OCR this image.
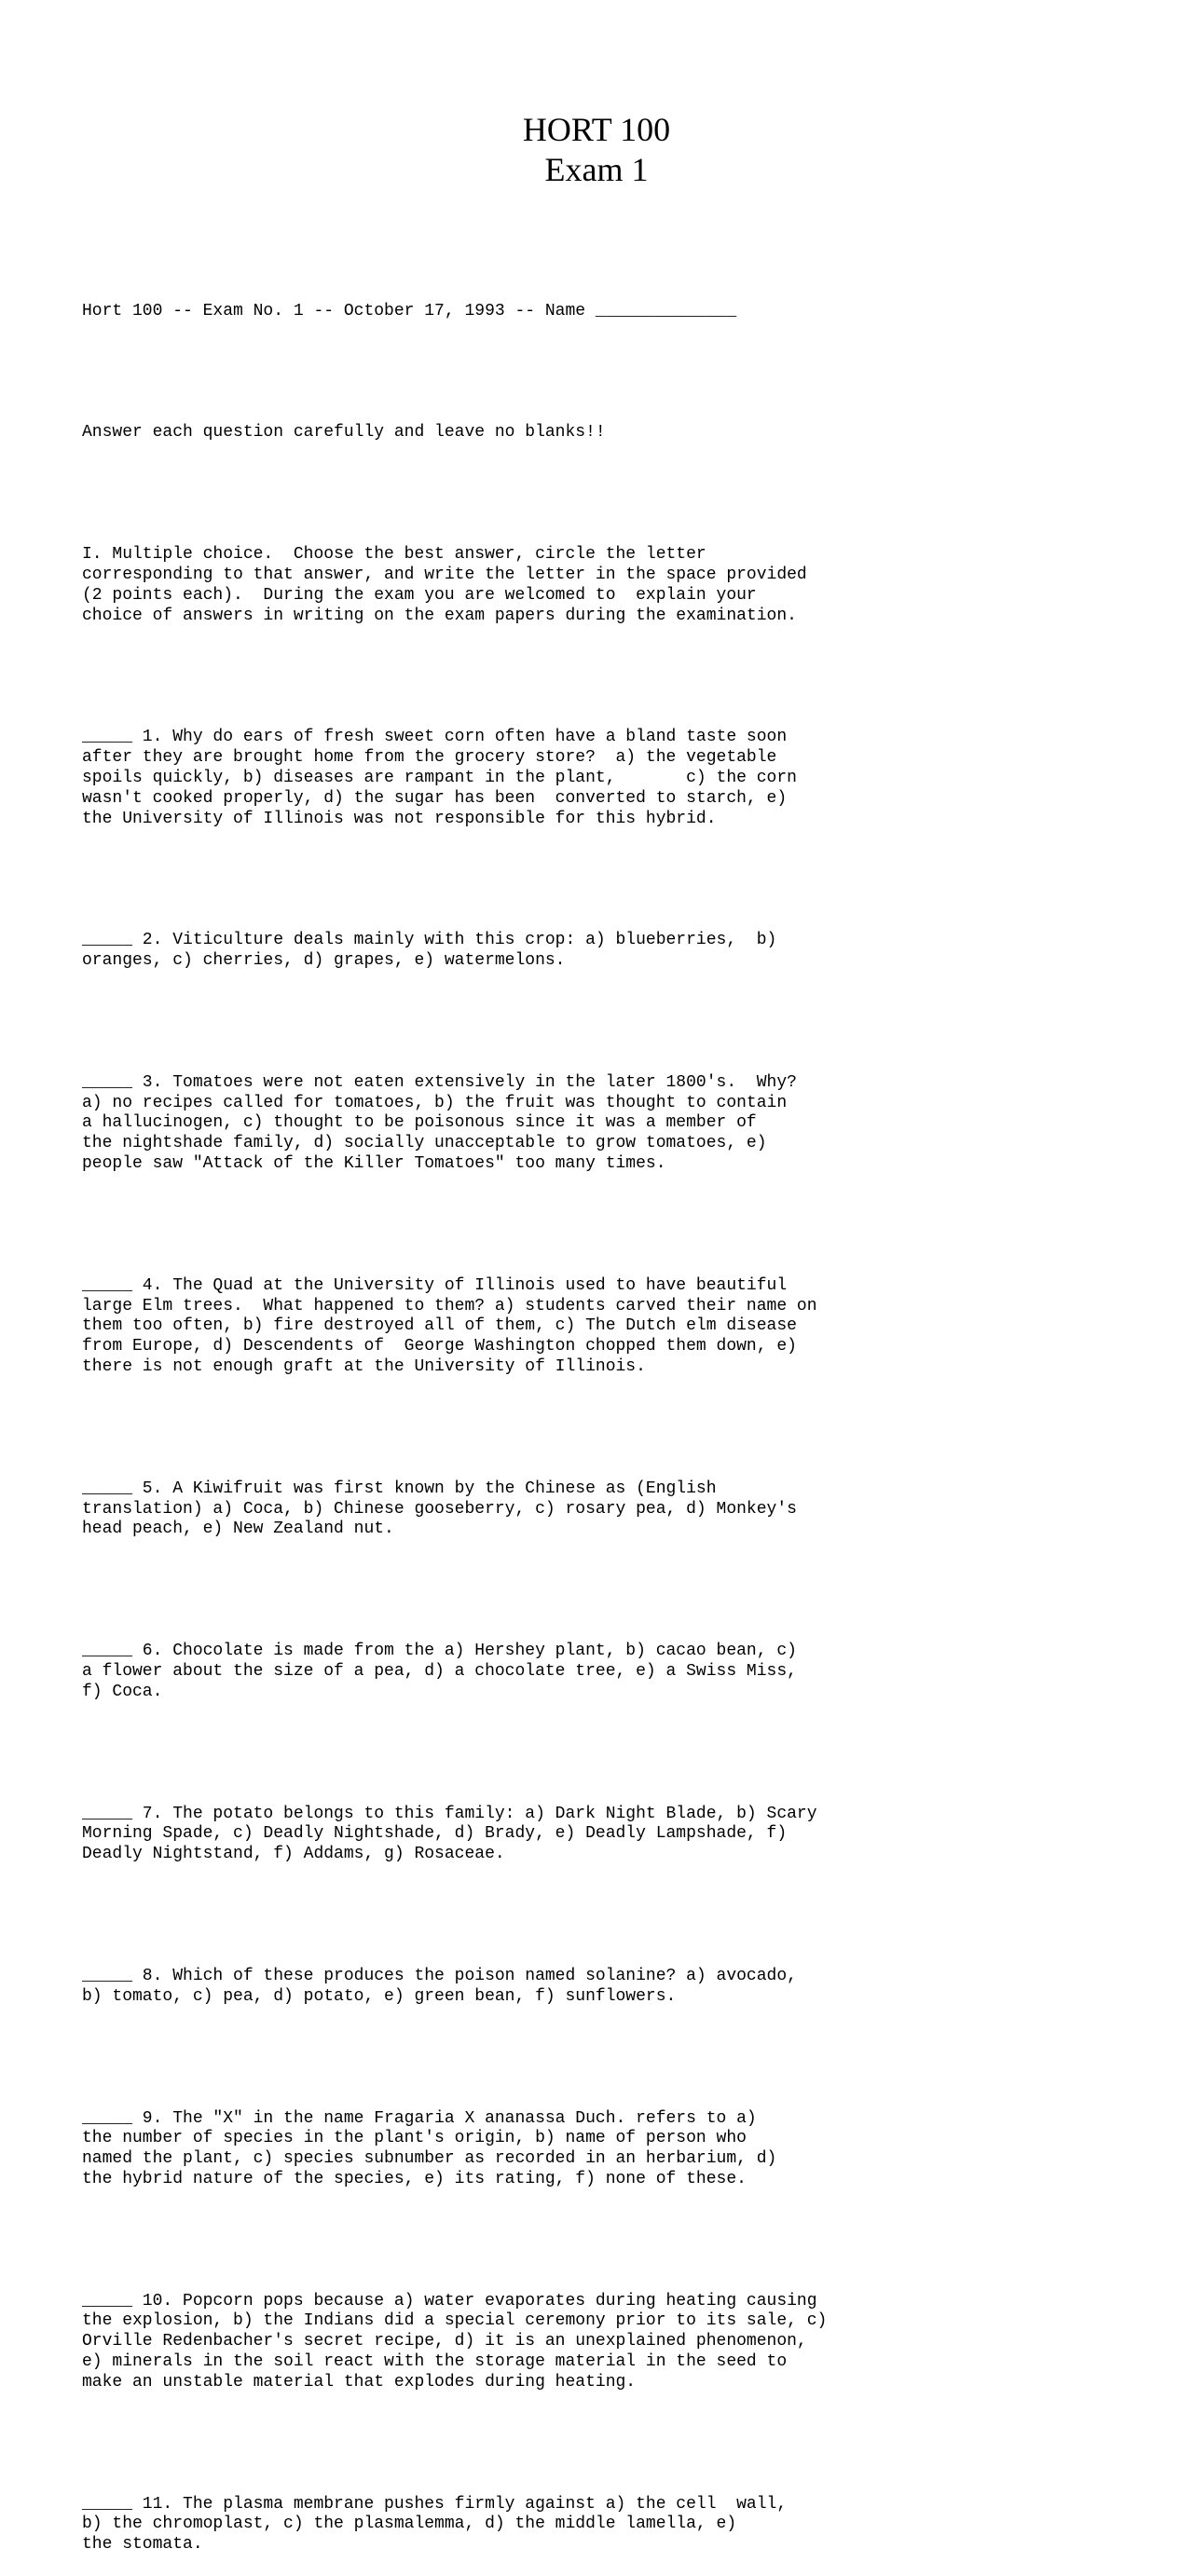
HORT 100
Exam 1

Hort 100 -- Exam No. 1 -- October 17, 1993 -- Name ______________

Answer each question carefully and leave no blanks!!

I. Multiple choice.  Choose the best answer, circle the letter
corresponding to that answer, and write the letter in the space provided
(2 points each).  During the exam you are welcomed to  explain your
choice of answers in writing on the exam papers during the examination.

_____ 1. Why do ears of fresh sweet corn often have a bland taste soon
after they are brought home from the grocery store?  a) the vegetable
spoils quickly, b) diseases are rampant in the plant,       c) the corn
wasn't cooked properly, d) the sugar has been  converted to starch, e)
the University of Illinois was not responsible for this hybrid.

_____ 2. Viticulture deals mainly with this crop: a) blueberries,  b)
oranges, c) cherries, d) grapes, e) watermelons.

_____ 3. Tomatoes were not eaten extensively in the later 1800's.  Why?
a) no recipes called for tomatoes, b) the fruit was thought to contain
a hallucinogen, c) thought to be poisonous since it was a member of
the nightshade family, d) socially unacceptable to grow tomatoes, e)
people saw "Attack of the Killer Tomatoes" too many times.

_____ 4. The Quad at the University of Illinois used to have beautiful
large Elm trees.  What happened to them? a) students carved their name on
them too often, b) fire destroyed all of them, c) The Dutch elm disease
from Europe, d) Descendents of  George Washington chopped them down, e)
there is not enough graft at the University of Illinois.

_____ 5. A Kiwifruit was first known by the Chinese as (English
translation) a) Coca, b) Chinese gooseberry, c) rosary pea, d) Monkey's
head peach, e) New Zealand nut.

_____ 6. Chocolate is made from the a) Hershey plant, b) cacao bean, c)
a flower about the size of a pea, d) a chocolate tree, e) a Swiss Miss,
f) Coca.

_____ 7. The potato belongs to this family: a) Dark Night Blade, b) Scary
Morning Spade, c) Deadly Nightshade, d) Brady, e) Deadly Lampshade, f)
Deadly Nightstand, f) Addams, g) Rosaceae.

_____ 8. Which of these produces the poison named solanine? a) avocado,
b) tomato, c) pea, d) potato, e) green bean, f) sunflowers.

_____ 9. The "X" in the name Fragaria X ananassa Duch. refers to a)
the number of species in the plant's origin, b) name of person who
named the plant, c) species subnumber as recorded in an herbarium, d)
the hybrid nature of the species, e) its rating, f) none of these.

_____ 10. Popcorn pops because a) water evaporates during heating causing
the explosion, b) the Indians did a special ceremony prior to its sale, c)
Orville Redenbacher's secret recipe, d) it is an unexplained phenomenon,
e) minerals in the soil react with the storage material in the seed to
make an unstable material that explodes during heating.

_____ 11. The plasma membrane pushes firmly against a) the cell  wall,
b) the chromoplast, c) the plasmalemma, d) the middle lamella, e)
the stomata.
